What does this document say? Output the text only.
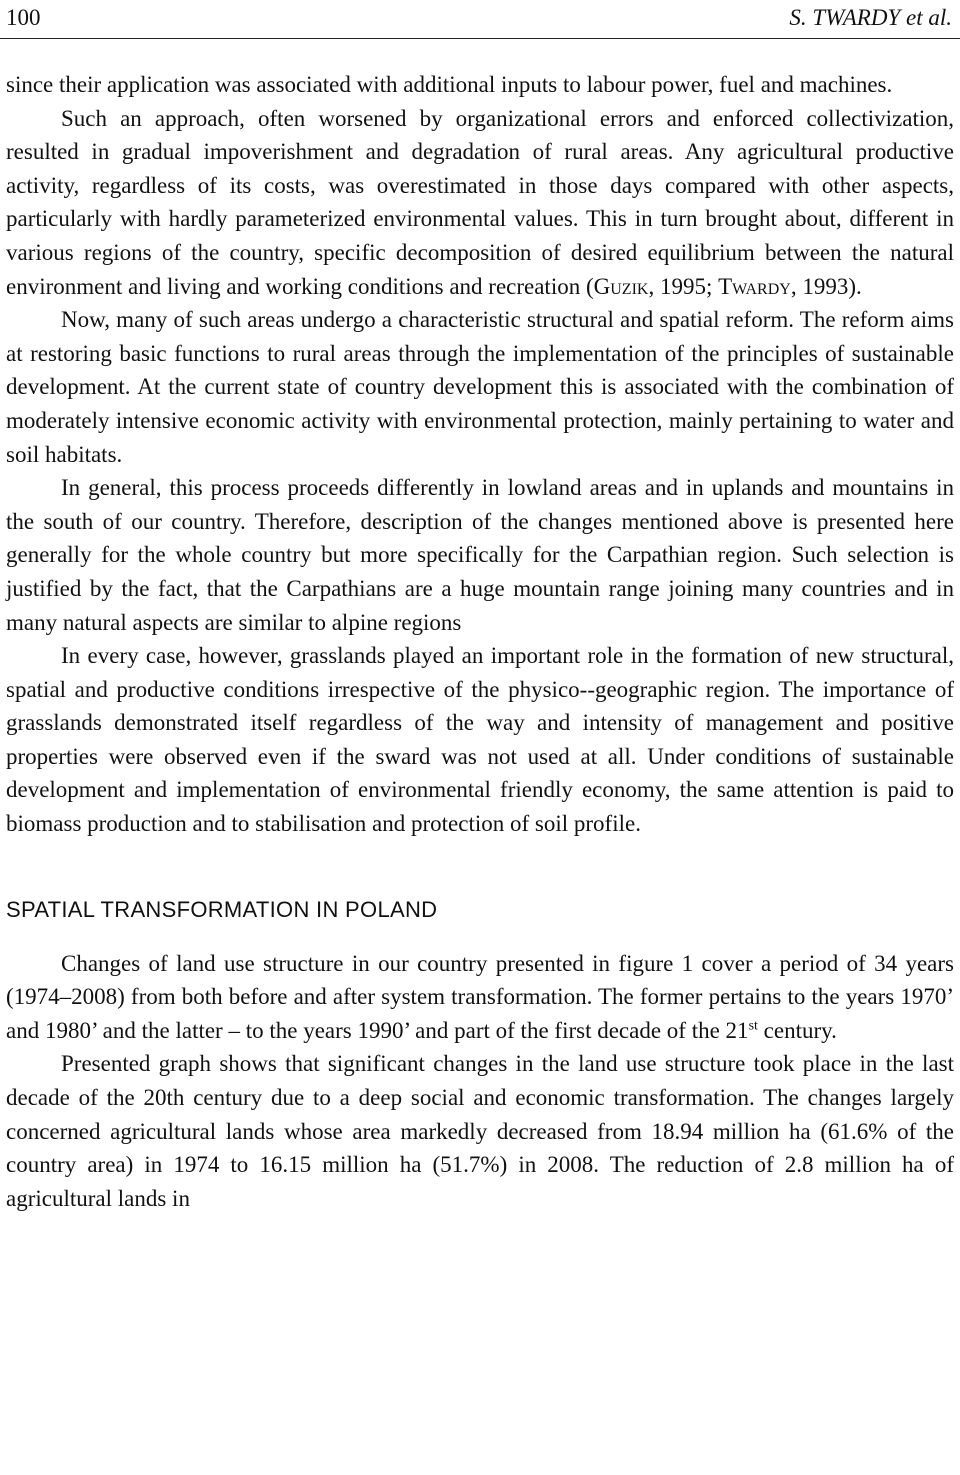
100	S. TWARDY et al.

since their application was associated with additional inputs to labour power, fuel and machines.

Such an approach, often worsened by organizational errors and enforced collectivization, resulted in gradual impoverishment and degradation of rural areas. Any agricultural productive activity, regardless of its costs, was overestimated in those days compared with other aspects, particularly with hardly parameterized environmental values. This in turn brought about, different in various regions of the country, specific decomposition of desired equilibrium between the natural environment and living and working conditions and recreation (Guzik, 1995; Twardy, 1993).

Now, many of such areas undergo a characteristic structural and spatial reform. The reform aims at restoring basic functions to rural areas through the implementation of the principles of sustainable development. At the current state of country development this is associated with the combination of moderately intensive economic activity with environmental protection, mainly pertaining to water and soil habitats.

In general, this process proceeds differently in lowland areas and in uplands and mountains in the south of our country. Therefore, description of the changes mentioned above is presented here generally for the whole country but more specifically for the Carpathian region. Such selection is justified by the fact, that the Carpathians are a huge mountain range joining many countries and in many natural aspects are similar to alpine regions

In every case, however, grasslands played an important role in the formation of new structural, spatial and productive conditions irrespective of the physico--geographic region. The importance of grasslands demonstrated itself regardless of the way and intensity of management and positive properties were observed even if the sward was not used at all. Under conditions of sustainable development and implementation of environmental friendly economy, the same attention is paid to biomass production and to stabilisation and protection of soil profile.

SPATIAL TRANSFORMATION IN POLAND

Changes of land use structure in our country presented in figure 1 cover a period of 34 years (1974–2008) from both before and after system transformation. The former pertains to the years 1970’ and 1980’ and the latter – to the years 1990’ and part of the first decade of the 21st century.

Presented graph shows that significant changes in the land use structure took place in the last decade of the 20th century due to a deep social and economic transformation. The changes largely concerned agricultural lands whose area markedly decreased from 18.94 million ha (61.6% of the country area) in 1974 to 16.15 million ha (51.7%) in 2008. The reduction of 2.8 million ha of agricultural lands in
